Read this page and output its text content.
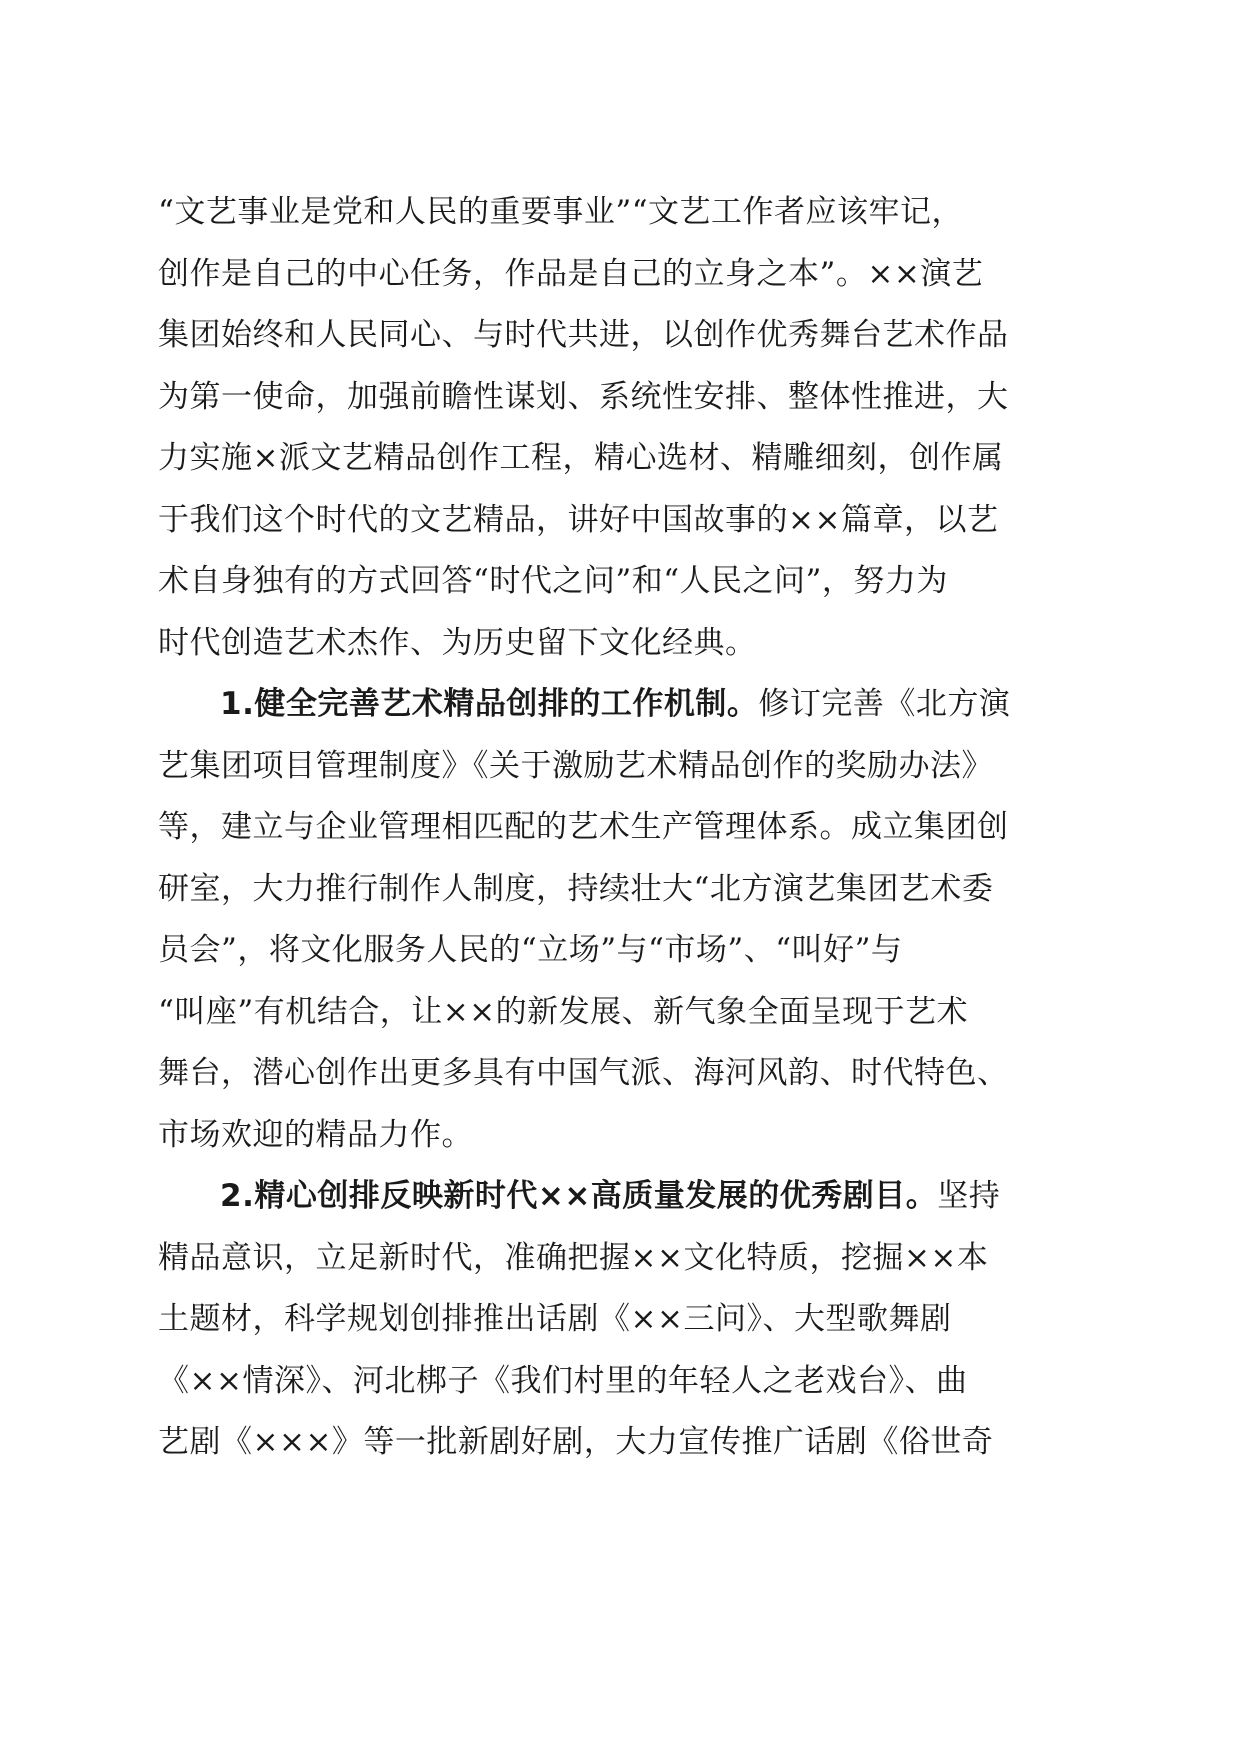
“文艺事业是党和人民的重要事业”“文艺工作者应该牢记，
创作是自己的中心任务，作品是自己的立身之本”。××演艺
集团始终和人民同心、与时代共进，以创作优秀舞台艺术作品
为第一使命，加强前瞻性谋划、系统性安排、整体性推进，大
力实施×派文艺精品创作工程，精心选材、精雕细刻，创作属
于我们这个时代的文艺精品，讲好中国故事的××篇章，以艺
术自身独有的方式回答“时代之问”和“人民之问”，努力为
时代创造艺术杰作、为历史留下文化经典。
1.健全完善艺术精品创排的工作机制。修订完善《北方演
艺集团项目管理制度》《关于激励艺术精品创作的奖励办法》
等，建立与企业管理相匹配的艺术生产管理体系。成立集团创
研室，大力推行制作人制度，持续壮大“北方演艺集团艺术委
员会”，将文化服务人民的“立场”与“市场”、“叫好”与
“叫座”有机结合，让××的新发展、新气象全面呈现于艺术
舞台，潜心创作出更多具有中国气派、海河风韵、时代特色、
市场欢迎的精品力作。
2.精心创排反映新时代××高质量发展的优秀剧目。坚持
精品意识，立足新时代，准确把握××文化特质，挖掘××本
土题材，科学规划创排推出话剧《××三问》、大型歌舞剧
《××情深》、河北梆子《我们村里的年轻人之老戏台》、曲
艺剧《×××》等一批新剧好剧，大力宣传推广话剧《俗世奇
